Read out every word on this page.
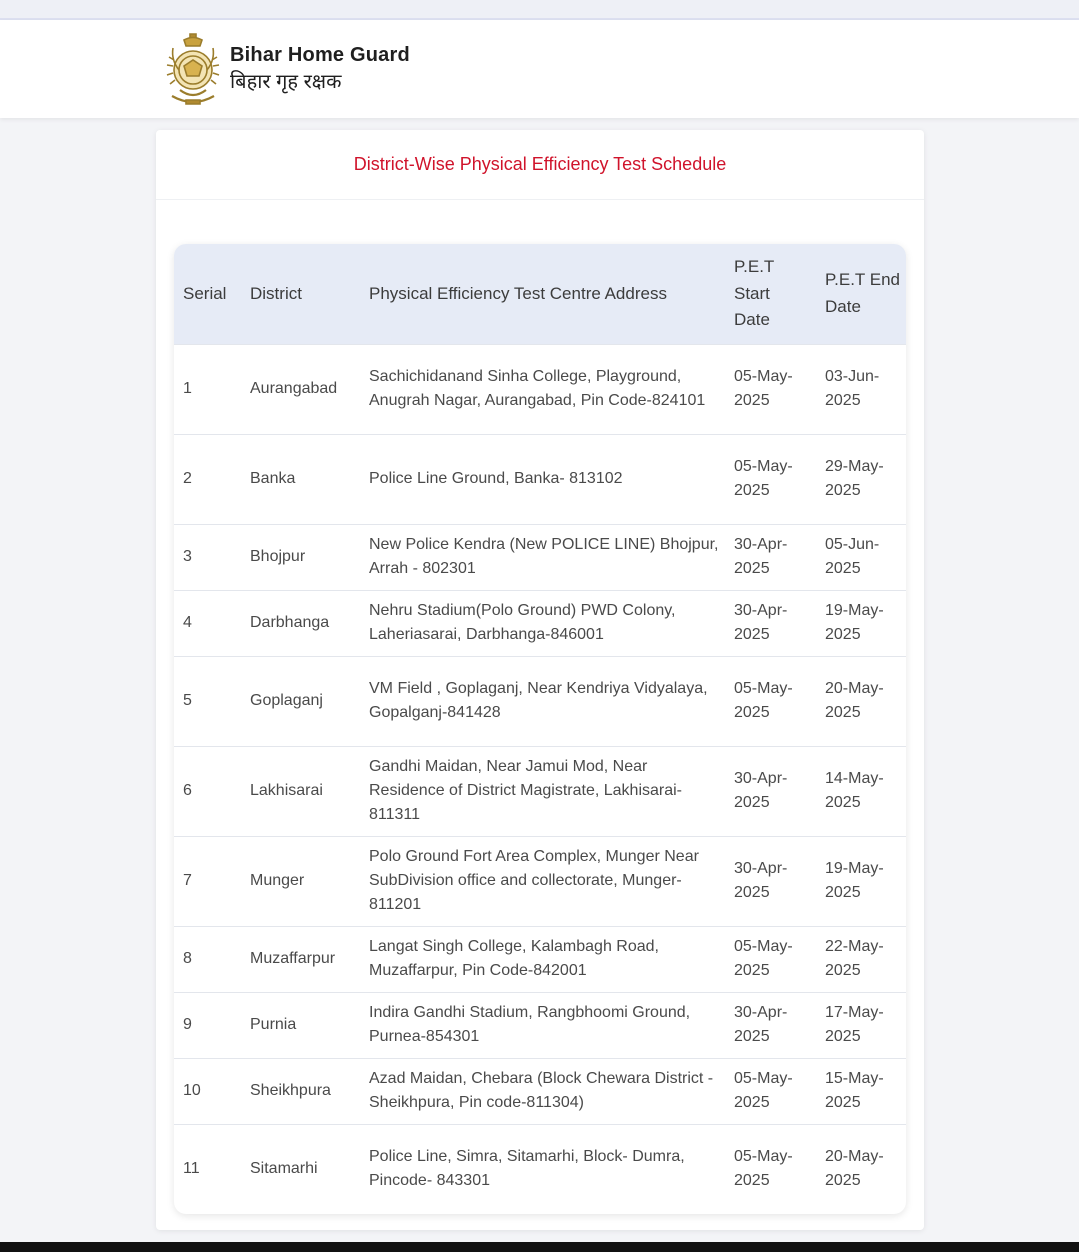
Bihar Home Guard
बिहार गृह रक्षक
District-Wise Physical Efficiency Test Schedule
Serial	District	Physical Efficiency Test Centre Address	P.E.T Start Date	P.E.T End Date
1	Aurangabad	Sachichidanand Sinha College, Playground, Anugrah Nagar, Aurangabad, Pin Code-824101	05-May-2025	03-Jun-2025
2	Banka	Police Line Ground, Banka- 813102	05-May-2025	29-May-2025
3	Bhojpur	New Police Kendra (New POLICE LINE) Bhojpur, Arrah - 802301	30-Apr-2025	05-Jun-2025
4	Darbhanga	Nehru Stadium(Polo Ground) PWD Colony, Laheriasarai, Darbhanga-846001	30-Apr-2025	19-May-2025
5	Goplaganj	VM Field , Goplaganj, Near Kendriya Vidyalaya, Gopalganj-841428	05-May-2025	20-May-2025
6	Lakhisarai	Gandhi Maidan, Near Jamui Mod, Near Residence of District Magistrate, Lakhisarai-811311	30-Apr-2025	14-May-2025
7	Munger	Polo Ground Fort Area Complex, Munger Near SubDivision office and collectorate, Munger-811201	30-Apr-2025	19-May-2025
8	Muzaffarpur	Langat Singh College, Kalambagh Road, Muzaffarpur, Pin Code-842001	05-May-2025	22-May-2025
9	Purnia	Indira Gandhi Stadium, Rangbhoomi Ground, Purnea-854301	30-Apr-2025	17-May-2025
10	Sheikhpura	Azad Maidan, Chebara (Block Chewara District - Sheikhpura, Pin code-811304)	05-May-2025	15-May-2025
11	Sitamarhi	Police Line, Simra, Sitamarhi, Block- Dumra, Pincode- 843301	05-May-2025	20-May-2025
